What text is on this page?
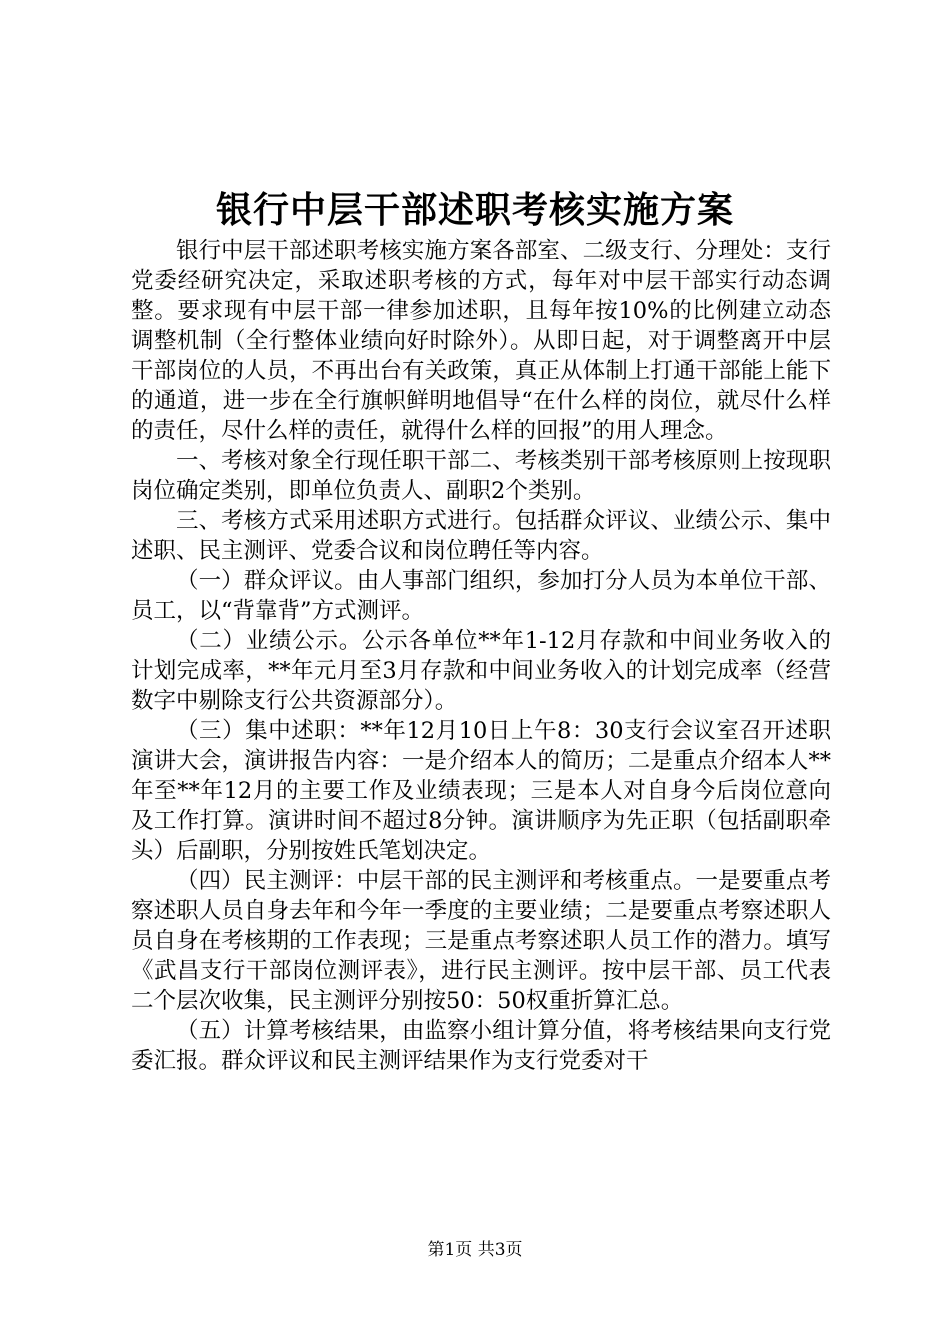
银行中层干部述职考核实施方案

银行中层干部述职考核实施方案各部室、二级支行、分理处：支行党委经研究决定，采取述职考核的方式，每年对中层干部实行动态调整。要求现有中层干部一律参加述职，且每年按10%的比例建立动态调整机制（全行整体业绩向好时除外）。从即日起，对于调整离开中层干部岗位的人员，不再出台有关政策，真正从体制上打通干部能上能下的通道，进一步在全行旗帜鲜明地倡导“在什么样的岗位，就尽什么样的责任，尽什么样的责任，就得什么样的回报”的用人理念。

一、考核对象全行现任职干部二、考核类别干部考核原则上按现职岗位确定类别，即单位负责人、副职2个类别。

三、考核方式采用述职方式进行。包括群众评议、业绩公示、集中述职、民主测评、党委合议和岗位聘任等内容。

（一）群众评议。由人事部门组织，参加打分人员为本单位干部、员工，以“背靠背”方式测评。

（二）业绩公示。公示各单位**年1-12月存款和中间业务收入的计划完成率，**年元月至3月存款和中间业务收入的计划完成率（经营数字中剔除支行公共资源部分）。

（三）集中述职：**年12月10日上午8：30支行会议室召开述职演讲大会，演讲报告内容：一是介绍本人的简历；二是重点介绍本人**年至**年12月的主要工作及业绩表现；三是本人对自身今后岗位意向及工作打算。演讲时间不超过8分钟。演讲顺序为先正职（包括副职牵头）后副职，分别按姓氏笔划决定。

（四）民主测评：中层干部的民主测评和考核重点。一是要重点考察述职人员自身去年和今年一季度的主要业绩；二是要重点考察述职人员自身在考核期的工作表现；三是重点考察述职人员工作的潜力。填写《武昌支行干部岗位测评表》，进行民主测评。按中层干部、员工代表二个层次收集，民主测评分别按50：50权重折算汇总。

（五）计算考核结果，由监察小组计算分值，将考核结果向支行党委汇报。群众评议和民主测评结果作为支行党委对干

第1页 共3页
